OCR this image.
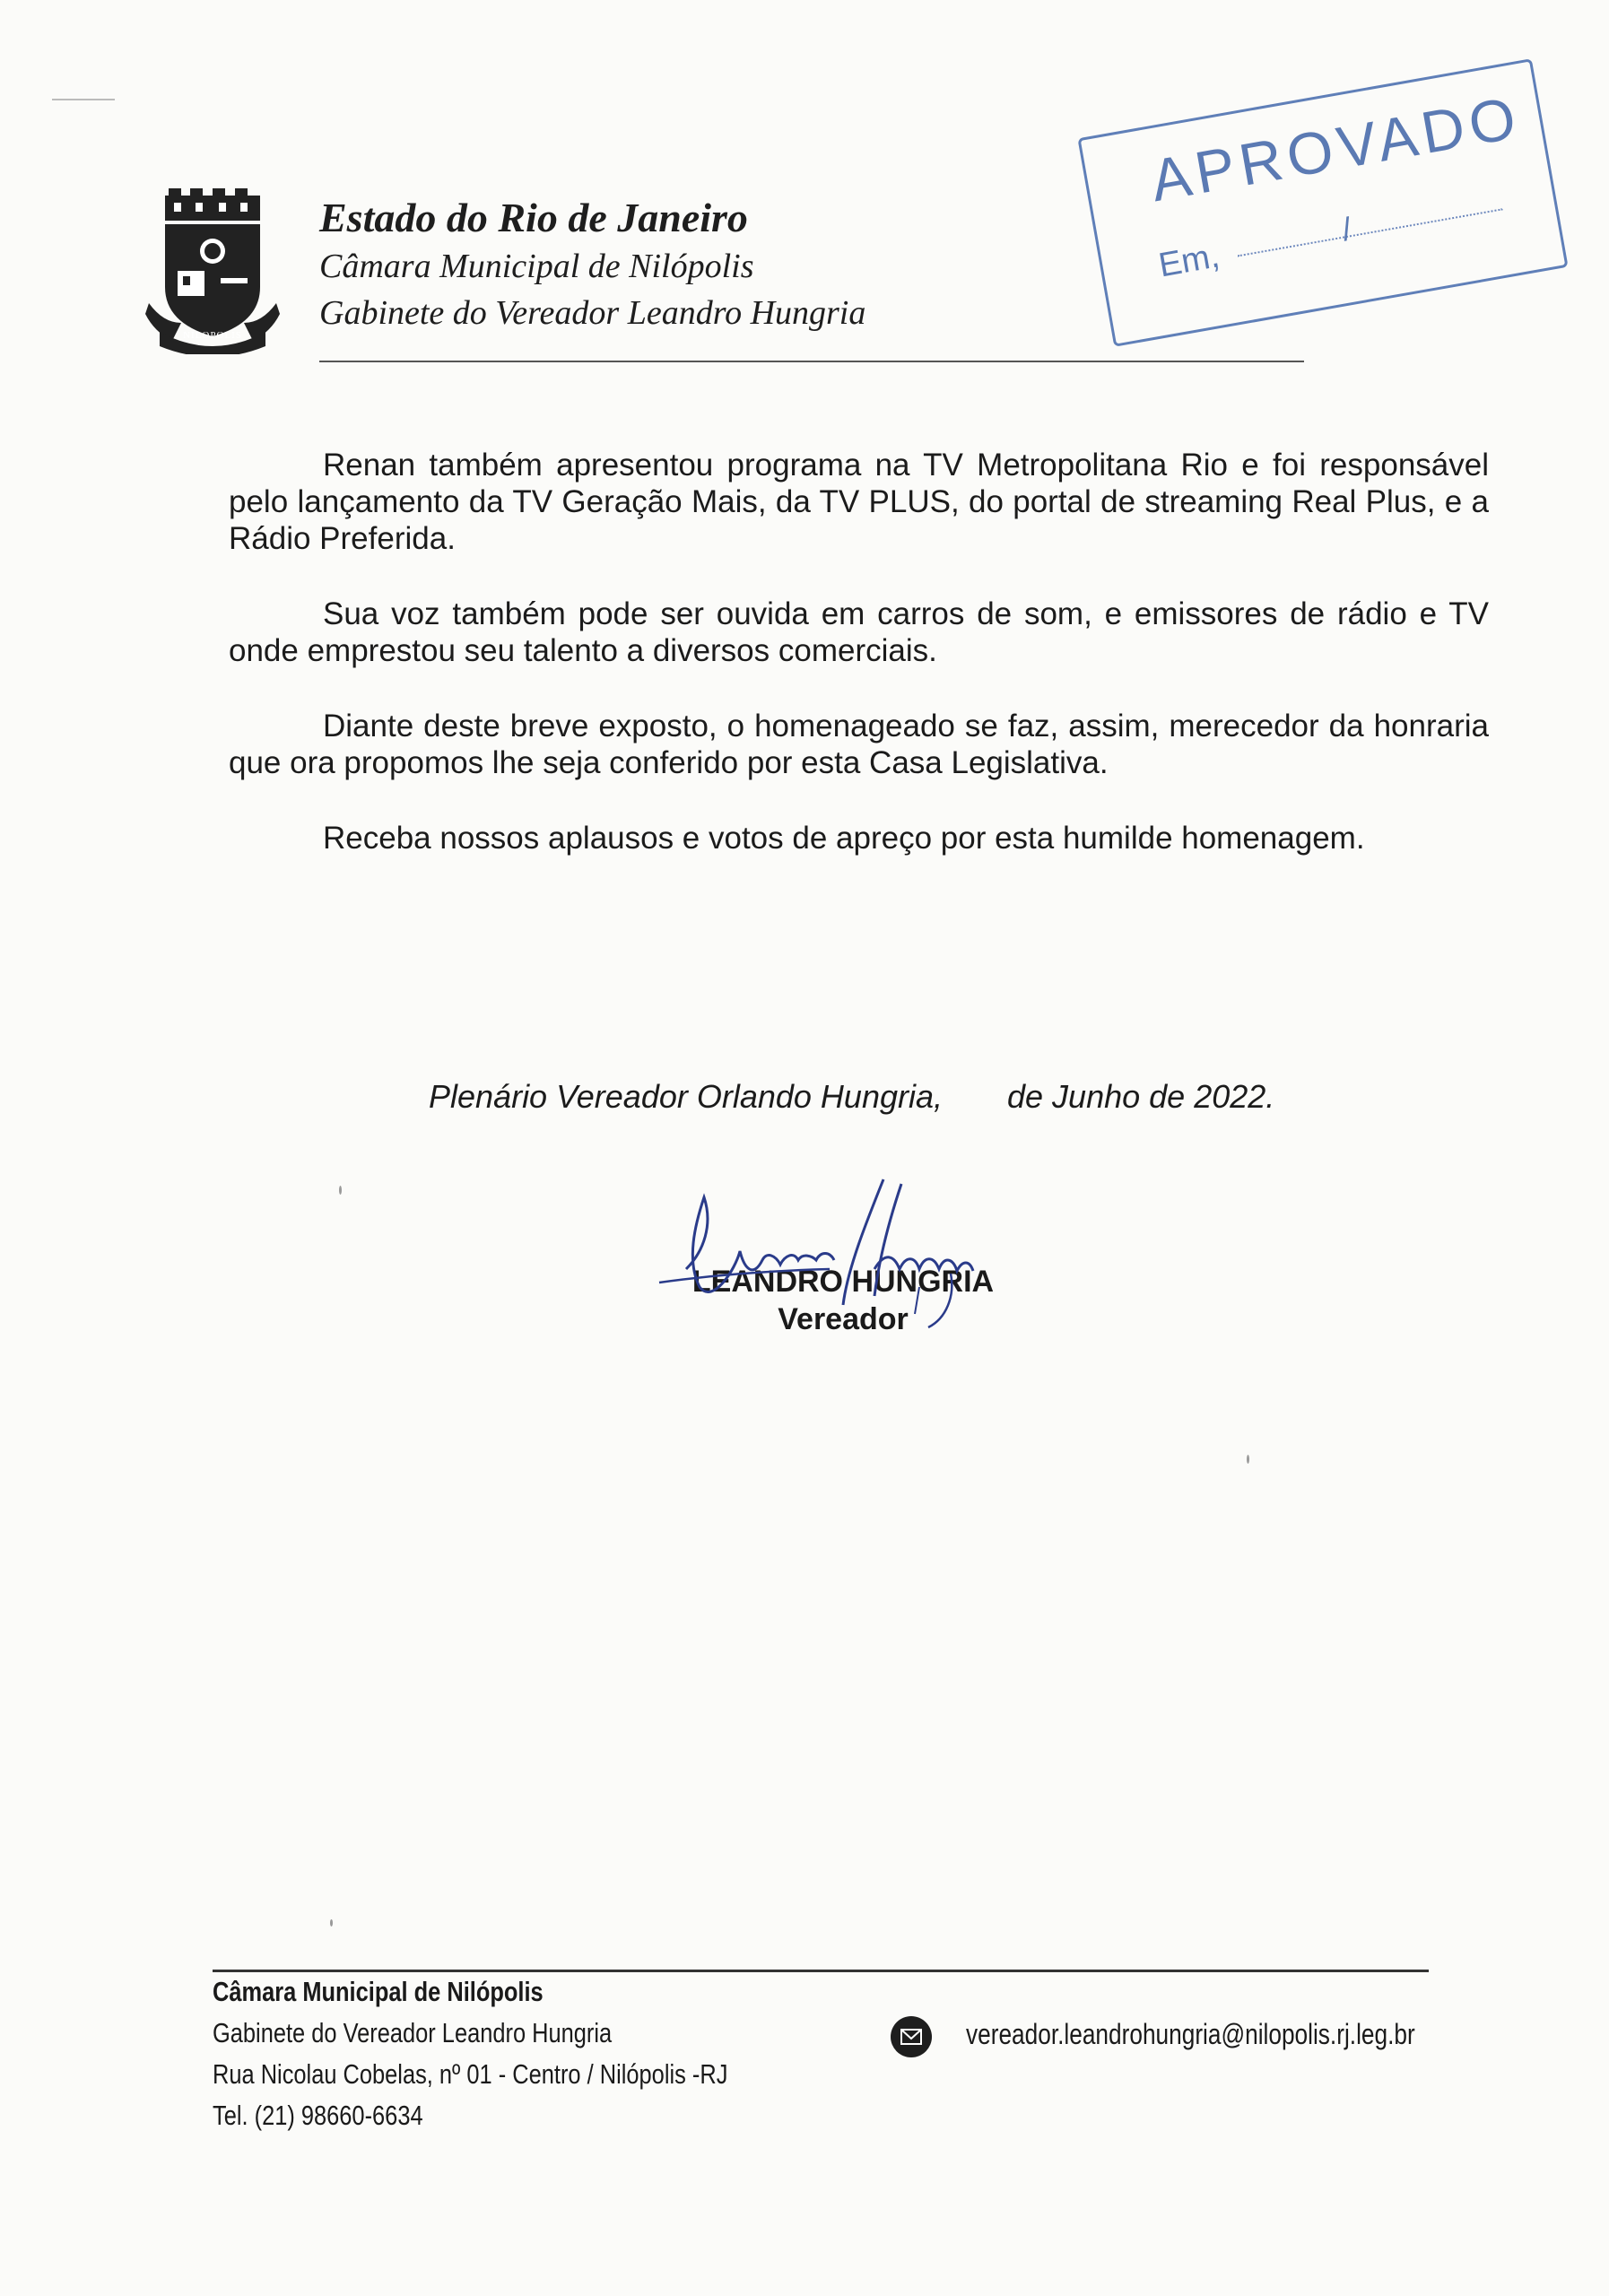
NILOPOLIS
Estado do Rio de Janeiro
Câmara Municipal de Nilópolis
Gabinete do Vereador Leandro Hungria
APROVADO
Em,
/

Renan também apresentou programa na TV Metropolitana Rio e foi responsável pelo lançamento da TV Geração Mais, da TV PLUS, do portal de streaming Real Plus, e a Rádio Preferida.

Sua voz também pode ser ouvida em carros de som, e emissores de rádio e TV onde emprestou seu talento a diversos comerciais.

Diante deste breve exposto, o homenageado se faz, assim, merecedor da honraria que ora propomos lhe seja conferido por esta Casa Legislativa.

Receba nossos aplausos e votos de apreço por esta humilde homenagem.

Plenário Vereador Orlando Hungria, de Junho de 2022.
LEANDRO HUNGRIA
Vereador
Câmara Municipal de Nilópolis
Gabinete do Vereador Leandro Hungria
Rua Nicolau Cobelas, nº 01 - Centro / Nilópolis -RJ
Tel. (21) 98660-6634
vereador.leandrohungria@nilopolis.rj.leg.br
